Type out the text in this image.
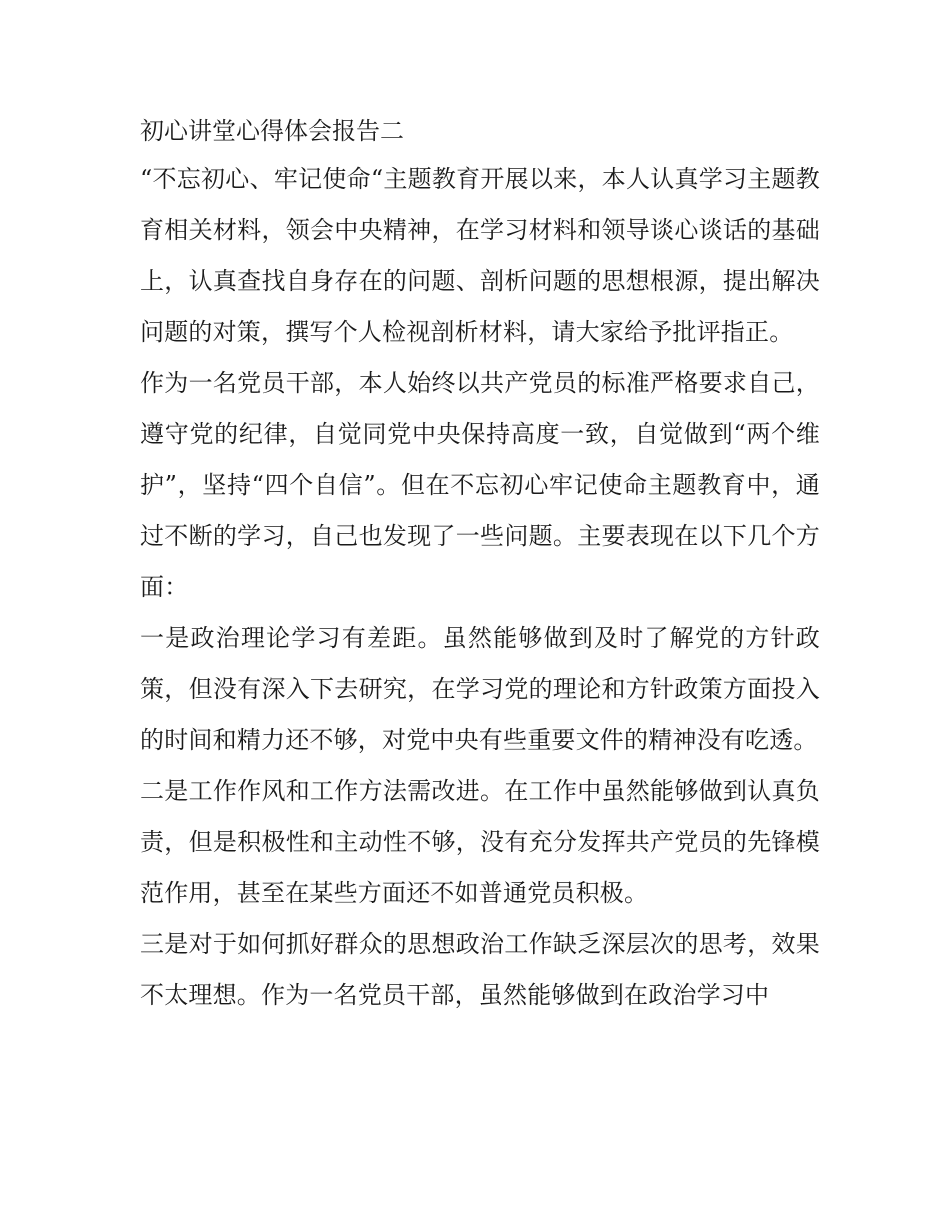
初心讲堂心得体会报告二

“不忘初心、牢记使命“主题教育开展以来，本人认真学习主题教育相关材料，领会中央精神，在学习材料和领导谈心谈话的基础上，认真查找自身存在的问题、剖析问题的思想根源，提出解决问题的对策，撰写个人检视剖析材料，请大家给予批评指正。

作为一名党员干部，本人始终以共产党员的标准严格要求自己，遵守党的纪律，自觉同党中央保持高度一致，自觉做到“两个维护”，坚持“四个自信”。但在不忘初心牢记使命主题教育中，通过不断的学习，自己也发现了一些问题。主要表现在以下几个方面：

一是政治理论学习有差距。虽然能够做到及时了解党的方针政策，但没有深入下去研究，在学习党的理论和方针政策方面投入的时间和精力还不够，对党中央有些重要文件的精神没有吃透。

二是工作作风和工作方法需改进。在工作中虽然能够做到认真负责，但是积极性和主动性不够，没有充分发挥共产党员的先锋模范作用，甚至在某些方面还不如普通党员积极。

三是对于如何抓好群众的思想政治工作缺乏深层次的思考，效果不太理想。作为一名党员干部，虽然能够做到在政治学习中
